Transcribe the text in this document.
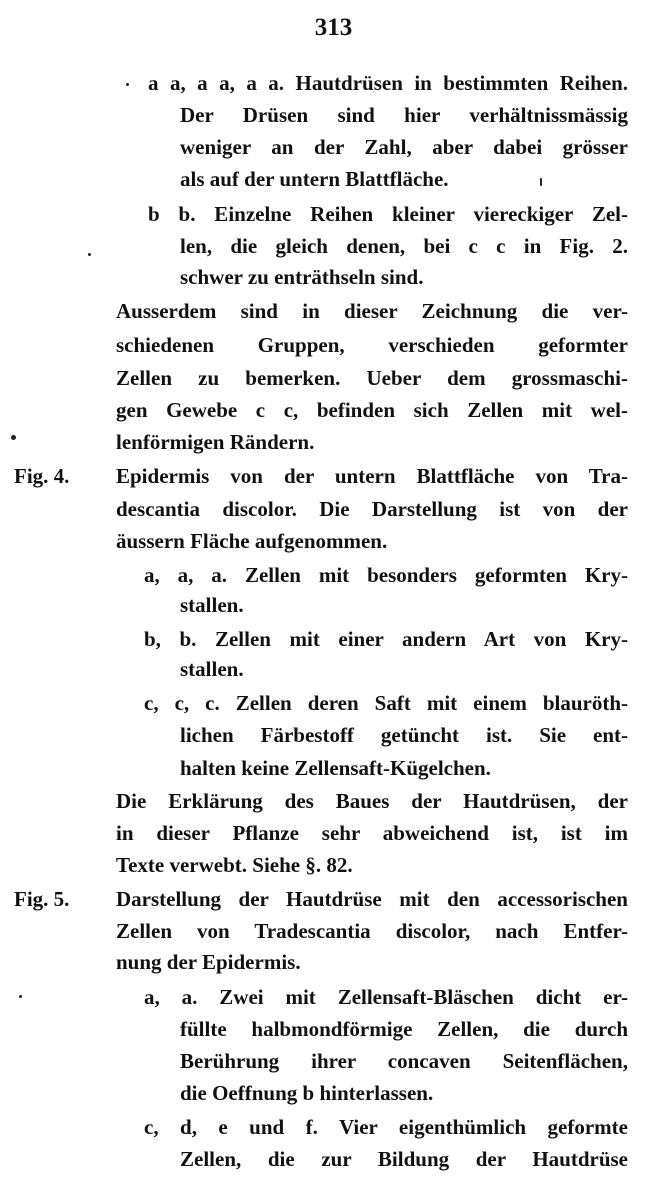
313
a a, a a, a a. Hautdrüsen in bestimmten Reihen.
Der Drüsen sind hier verhältnissmässig
weniger an der Zahl, aber dabei grösser
als auf der untern Blattfläche.
b b. Einzelne Reihen kleiner viereckiger Zel-
len, die gleich denen, bei c c in Fig. 2.
schwer zu enträthseln sind.
Ausserdem sind in dieser Zeichnung die ver-
schiedenen Gruppen, verschieden geformter
Zellen zu bemerken. Ueber dem grossmaschi-
gen Gewebe c c, befinden sich Zellen mit wel-
lenförmigen Rändern.
Fig. 4. Epidermis von der untern Blattfläche von Tra-
descantia discolor. Die Darstellung ist von der
äussern Fläche aufgenommen.
a, a, a. Zellen mit besonders geformten Kry-
stallen.
b, b. Zellen mit einer andern Art von Kry-
stallen.
c, c, c. Zellen deren Saft mit einem blauröth-
lichen Färbestoff getüncht ist. Sie ent-
halten keine Zellensaft-Kügelchen.
Die Erklärung des Baues der Hautdrüsen, der
in dieser Pflanze sehr abweichend ist, ist im
Texte verwebt. Siehe §. 82.
Fig. 5. Darstellung der Hautdrüse mit den accessorischen
Zellen von Tradescantia discolor, nach Entfer-
nung der Epidermis.
a, a. Zwei mit Zellensaft-Bläschen dicht er-
füllte halbmondförmige Zellen, die durch
Berührung ihrer concaven Seitenflächen,
die Oeffnung b hinterlassen.
c, d, e und f. Vier eigenthümlich geformte
Zellen, die zur Bildung der Hautdrüse
